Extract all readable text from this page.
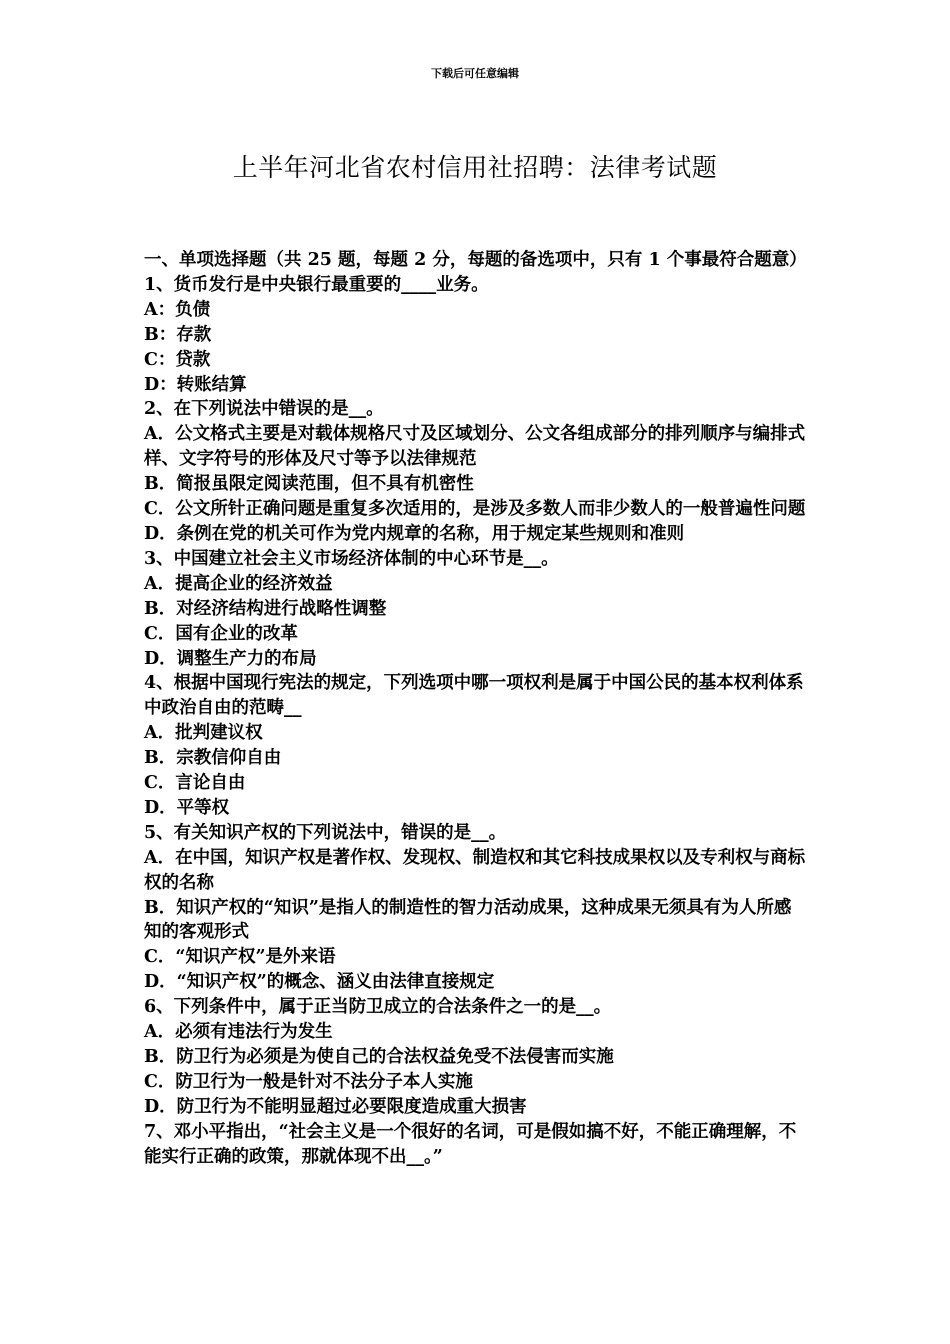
下载后可任意编辑
上半年河北省农村信用社招聘：法律考试题
一、单项选择题（共 25 题，每题 2 分，每题的备选项中，只有 1 个事最符合题意）
1、货币发行是中央银行最重要的____业务。
A：负债
B：存款
C：贷款
D：转账结算
2、在下列说法中错误的是__。
A．公文格式主要是对载体规格尺寸及区域划分、公文各组成部分的排列顺序与编排式样、文字符号的形体及尺寸等予以法律规范
B．简报虽限定阅读范围，但不具有机密性
C．公文所针正确问题是重复多次适用的，是涉及多数人而非少数人的一般普遍性问题
D．条例在党的机关可作为党内规章的名称，用于规定某些规则和准则
3、中国建立社会主义市场经济体制的中心环节是__。
A．提高企业的经济效益
B．对经济结构进行战略性调整
C．国有企业的改革
D．调整生产力的布局
4、根据中国现行宪法的规定，下列选项中哪一项权利是属于中国公民的基本权利体系中政治自由的范畴__
A．批判建议权
B．宗教信仰自由
C．言论自由
D．平等权
5、有关知识产权的下列说法中，错误的是__。
A．在中国，知识产权是著作权、发现权、制造权和其它科技成果权以及专利权与商标权的名称
B．知识产权的“知识”是指人的制造性的智力活动成果，这种成果无须具有为人所感知的客观形式
C．“知识产权”是外来语
D．“知识产权”的概念、涵义由法律直接规定
6、下列条件中，属于正当防卫成立的合法条件之一的是__。
A．必须有违法行为发生
B．防卫行为必须是为使自己的合法权益免受不法侵害而实施
C．防卫行为一般是针对不法分子本人实施
D．防卫行为不能明显超过必要限度造成重大损害
7、邓小平指出，“社会主义是一个很好的名词，可是假如搞不好，不能正确理解，不能实行正确的政策，那就体现不出__。”
